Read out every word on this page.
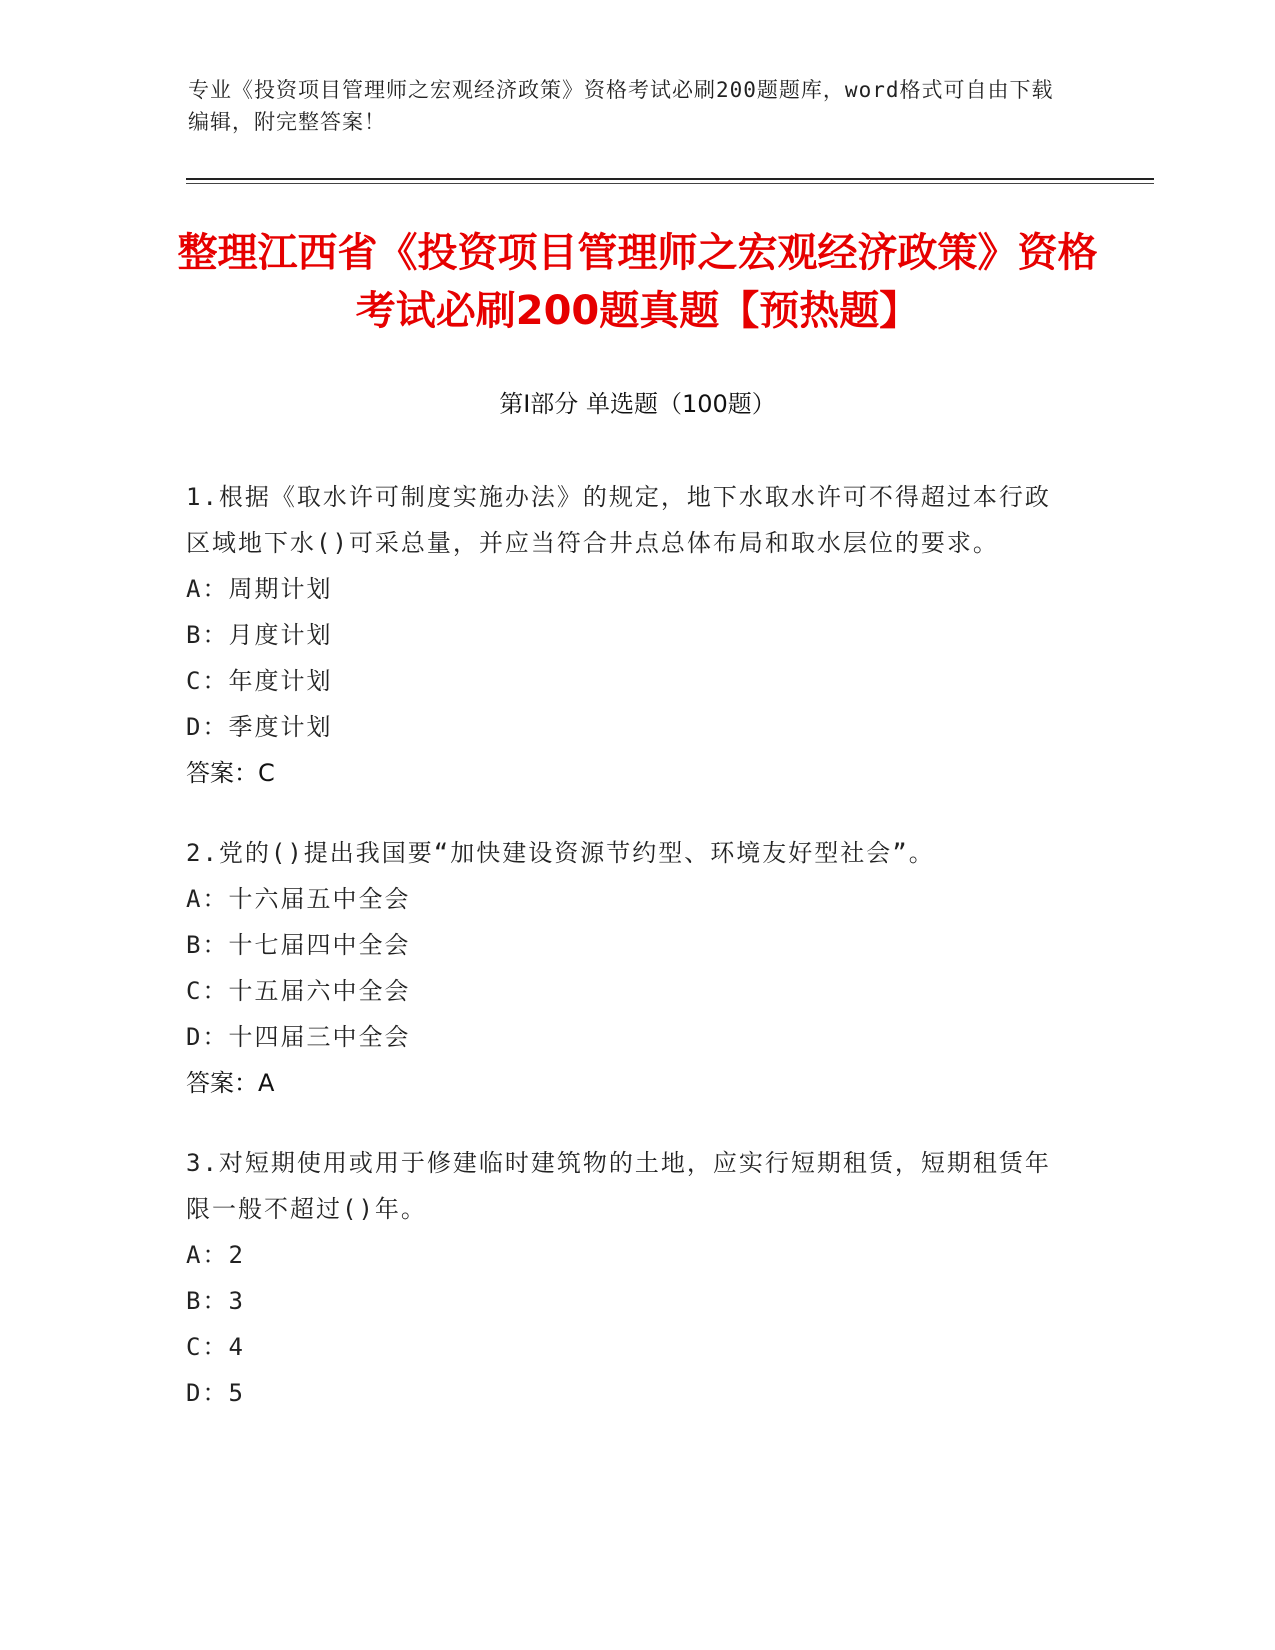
专业《投资项目管理师之宏观经济政策》资格考试必刷200题题库，word格式可自由下载编辑，附完整答案！
整理江西省《投资项目管理师之宏观经济政策》资格考试必刷200题真题【预热题】
第Ⅰ部分 单选题（100题）
1.根据《取水许可制度实施办法》的规定，地下水取水许可不得超过本行政区域地下水()可采总量，并应当符合井点总体布局和取水层位的要求。
A：周期计划
B：月度计划
C：年度计划
D：季度计划
答案：C
2.党的()提出我国要“加快建设资源节约型、环境友好型社会”。
A：十六届五中全会
B：十七届四中全会
C：十五届六中全会
D：十四届三中全会
答案：A
3.对短期使用或用于修建临时建筑物的土地，应实行短期租赁，短期租赁年限一般不超过()年。
A：2
B：3
C：4
D：5
